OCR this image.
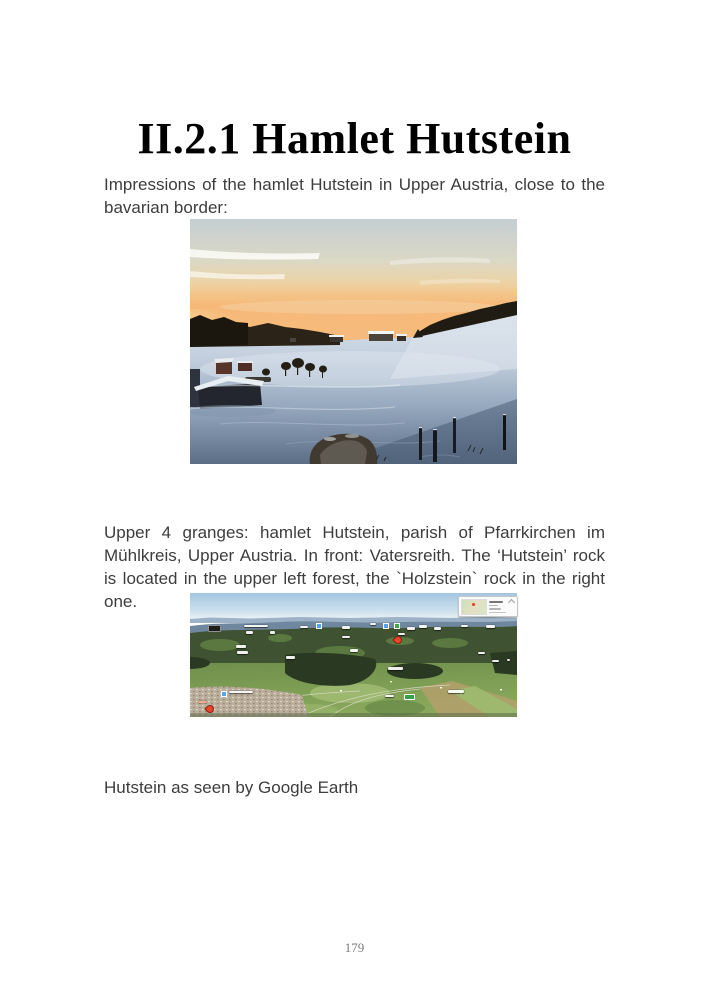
II.2.1 Hamlet Hutstein

Impressions of the hamlet Hutstein in Upper Austria, close to the bavarian border:

Upper 4 granges: hamlet Hutstein, parish of Pfarrkirchen im Mühlkreis, Upper Austria. In front: Vatersreith. The ‘Hutstein’ rock is located in the upper left forest, the `Holzstein` rock in the right one.

Hutstein as seen by Google Earth

179
